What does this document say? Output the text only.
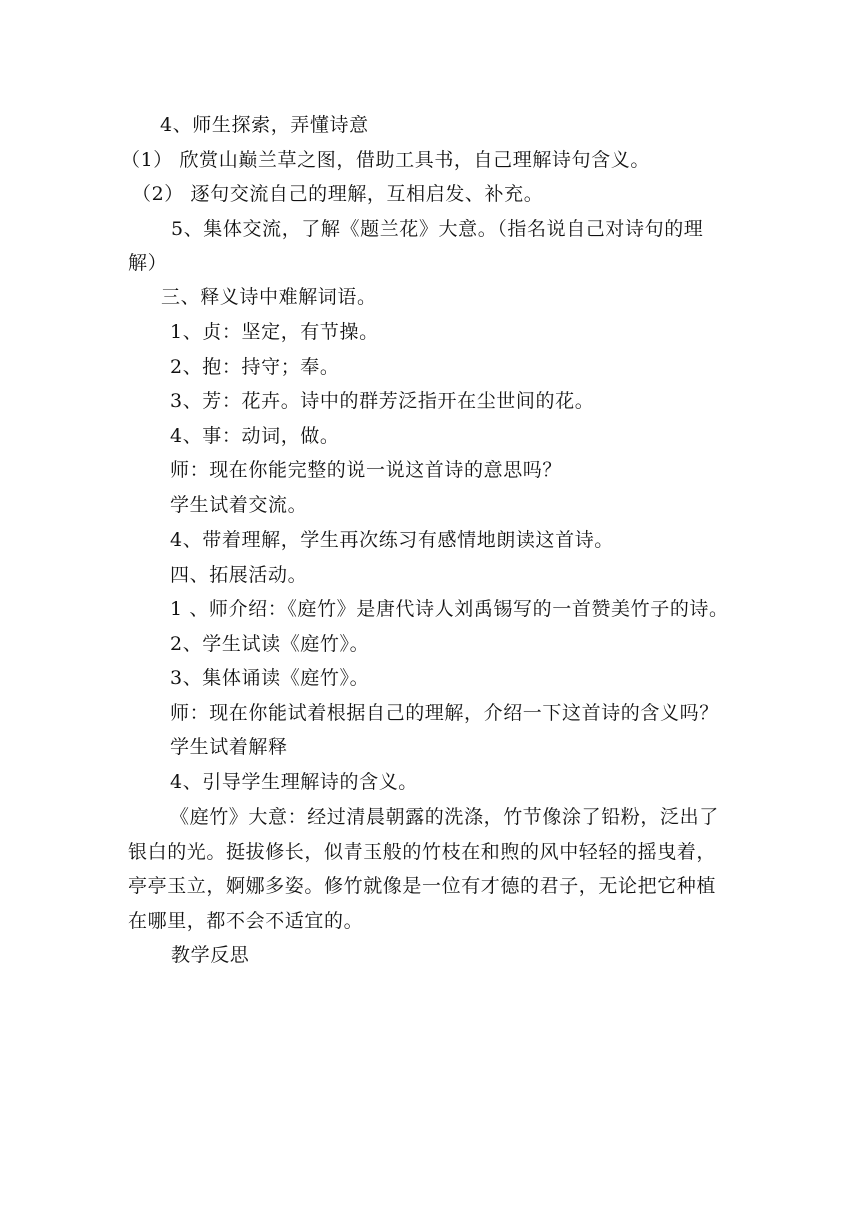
4、师生探索，弄懂诗意
（1） 欣赏山巅兰草之图，借助工具书，自己理解诗句含义。
（2） 逐句交流自己的理解，互相启发、补充。
5、集体交流，了解《题兰花》大意。（指名说自己对诗句的理
解）
三、释义诗中难解词语。
1、贞：坚定，有节操。
2、抱：持守；奉。
3、芳：花卉。诗中的群芳泛指开在尘世间的花。
4、事：动词，做。
师：现在你能完整的说一说这首诗的意思吗？
学生试着交流。
4、带着理解，学生再次练习有感情地朗读这首诗。
四、拓展活动。
1 、师介绍：《庭竹》是唐代诗人刘禹锡写的一首赞美竹子的诗。
2、学生试读《庭竹》。
3、集体诵读《庭竹》。
师：现在你能试着根据自己的理解，介绍一下这首诗的含义吗？
学生试着解释
4、引导学生理解诗的含义。
《庭竹》大意：经过清晨朝露的洗涤，竹节像涂了铅粉，泛出了
银白的光。挺拔修长，似青玉般的竹枝在和煦的风中轻轻的摇曳着，
亭亭玉立，婀娜多姿。修竹就像是一位有才德的君子，无论把它种植
在哪里，都不会不适宜的。
教学反思
